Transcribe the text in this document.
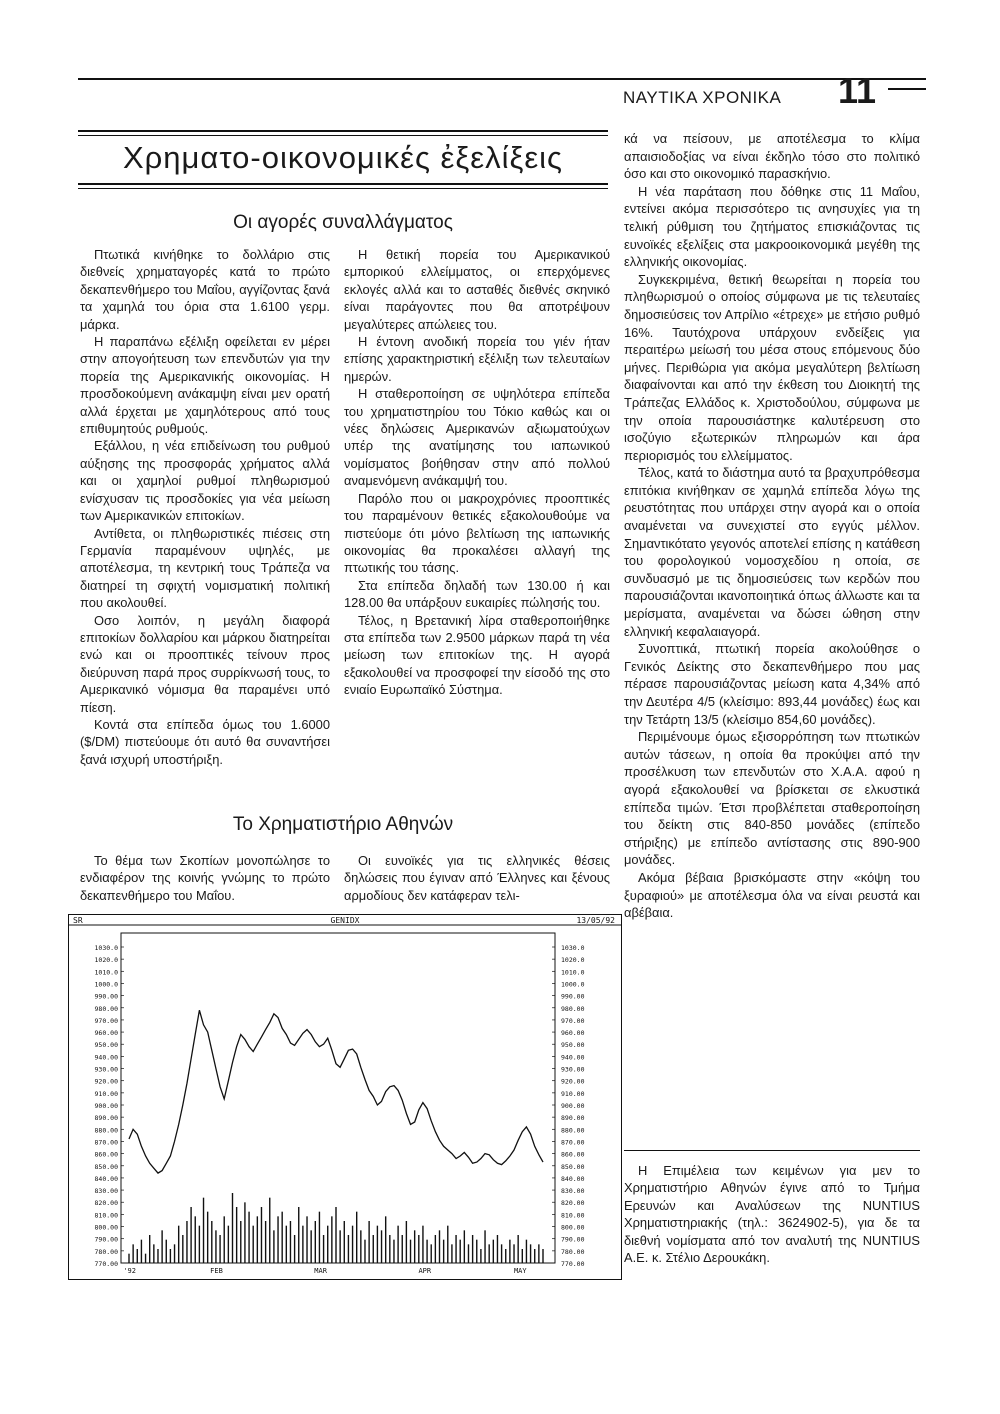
ΝΑΥΤΙΚΑ ΧΡΟΝΙΚΑ 11
Χρηματο-οικονομικές ἐξελίξεις
Οι αγορές συναλλάγματος

Πτωτικά κινήθηκε το δολλάριο στις διεθνείς χρηματαγορές κατά το πρώτο δεκαπενθήμερο του Μαΐου, αγγίζοντας ξανά τα χαμηλά του όρια στα 1.6100 γερμ. μάρκα.

Η παραπάνω εξέλιξη οφείλεται εν μέρει στην απογοήτευση των επενδυτών για την πορεία της Αμερικανικής οικονομίας. Η προσδοκούμενη ανάκαμψη είναι μεν ορατή αλλά έρχεται με χαμηλότερους από τους επιθυμητούς ρυθμούς.

Εξάλλου, η νέα επιδείνωση του ρυθμού αύξησης της προσφοράς χρήματος αλλά και οι χαμηλοί ρυθμοί πληθωρισμού ενίσχυσαν τις προσδοκίες για νέα μείωση των Αμερικανικών επιτοκίων.

Αντίθετα, οι πληθωριστικές πιέσεις στη Γερμανία παραμένουν υψηλές, με αποτέλεσμα, τη κεντρική τους Τράπεζα να διατηρεί τη σφιχτή νομισματική πολιτική που ακολουθεί.

Οσο λοιπόν, η μεγάλη διαφορά επιτοκίων δολλαρίου και μάρκου διατηρείται ενώ και οι προοπτικές τείνουν προς διεύρυνση παρά προς συρρίκνωσή τους, το Αμερικανικό νόμισμα θα παραμένει υπό πίεση.

Κοντά στα επίπεδα όμως του 1.6000 ($/DM) πιστεύουμε ότι αυτό θα συναντήσει ξανά ισχυρή υποστήριξη.

Η θετική πορεία του Αμερικανικού εμπορικού ελλείμματος, οι επερχόμενες εκλογές αλλά και το ασταθές διεθνές σκηνικό είναι παράγοντες που θα αποτρέψουν μεγαλύτερες απώλειες του.

Η έντονη ανοδική πορεία του γιέν ήταν επίσης χαρακτηριστική εξέλιξη των τελευταίων ημερών.

Η σταθεροποίηση σε υψηλότερα επίπεδα του χρηματιστηρίου του Τόκιο καθώς και οι νέες δηλώσεις Αμερικανών αξιωματούχων υπέρ της ανατίμησης του ιαπωνικού νομίσματος βοήθησαν στην από πολλού αναμενόμενη ανάκαμψή του.

Παρόλο που οι μακροχρόνιες προοπτικές του παραμένουν θετικές εξακολουθούμε να πιστεύομε ότι μόνο βελτίωση της ιαπωνικής οικονομίας θα προκαλέσει αλλαγή της πτωτικής του τάσης.

Στα επίπεδα δηλαδή των 130.00 ή και 128.00 θα υπάρξουν ευκαιρίες πώλησής του.

Τέλος, η Βρετανική λίρα σταθεροποιήθηκε στα επίπεδα των 2.9500 μάρκων παρά τη νέα μείωση των επιτοκίων της. Η αγορά εξακολουθεί να προσφοφεί την είσοδό της στο ενιαίο Ευρωπαϊκό Σύστημα.

Το Χρηματιστήριο Αθηνών

Το θέμα των Σκοπίων μονοπώλησε το ενδιαφέρον της κοινής γνώμης το πρώτο δεκαπενθήμερο του Μαΐου.

Οι ευνοϊκές για τις ελληνικές θέσεις δηλώσεις που έγιναν από Έλληνες και ξένους αρμοδίους δεν κατάφεραν τελι-

κά να πείσουν, με αποτέλεσμα το κλίμα απαισιοδοξίας να είναι έκδηλο τόσο στο πολιτικό όσο και στο οικονομικό παρασκήνιο.

Η νέα παράταση που δόθηκε στις 11 Μαΐου, εντείνει ακόμα περισσότερο τις ανησυχίες για τη τελική ρύθμιση του ζητήματος επισκιάζοντας τις ευνοϊκές εξελίξεις στα μακροοικονομικά μεγέθη της ελληνικής οικονομίας.

Συγκεκριμένα, θετική θεωρείται η πορεία του πληθωρισμού ο οποίος σύμφωνα με τις τελευταίες δημοσιεύσεις τον Απρίλιο «έτρεχε» με ετήσιο ρυθμό 16%. Ταυτόχρονα υπάρχουν ενδείξεις για περαιτέρω μείωσή του μέσα στους επόμενους δύο μήνες. Περιθώρια για ακόμα μεγαλύτερη βελτίωση διαφαίνονται και από την έκθεση του Διοικητή της Τράπεζας Ελλάδος κ. Χριστοδούλου, σύμφωνα με την οποία παρουσιάστηκε καλυτέρευση στο ισοζύγιο εξωτερικών πληρωμών και άρα περιορισμός του ελλείμματος.

Τέλος, κατά το διάστημα αυτό τα βραχυπρόθεσμα επιτόκια κινήθηκαν σε χαμηλά επίπεδα λόγω της ρευστότητας που υπάρχει στην αγορά και ο οποία αναμένεται να συνεχιστεί στο εγγύς μέλλον. Σημαντικότατο γεγονός αποτελεί επίσης η κατάθεση του φορολογικού νομοσχεδίου η οποία, σε συνδυασμό με τις δημοσιεύσεις των κερδών που παρουσιάζονται ικανοποιητικά όπως άλλωστε και τα μερίσματα, αναμένεται να δώσει ώθηση στην ελληνική κεφαλαιαγορά.

Συνοπτικά, πτωτική πορεία ακολούθησε ο Γενικός Δείκτης στο δεκαπενθήμερο που μας πέρασε παρουσιάζοντας μείωση κατα 4,34% από την Δευτέρα 4/5 (κλείσιμο: 893,44 μονάδες) έως και την Τετάρτη 13/5 (κλείσιμο 854,60 μονάδες).

Περιμένουμε όμως εξισορρόπηση των πτωτικών αυτών τάσεων, η οποία θα προκύψει από την προσέλκυση των επενδυτών στο Χ.Α.Α. αφού η αγορά εξακολουθεί να βρίσκεται σε ελκυστικά επίπεδα τιμών. Έτσι προβλέπεται σταθεροποίηση του δείκτη στις 840-850 μονάδες (επίπεδο στήριξης) με επίπεδο αντίστασης στις 890-900 μονάδες.

Ακόμα βέβαια βρισκόμαστε στην «κόψη του ξυραφιού» με αποτέλεσμα όλα να είναι ρευστά και αβέβαια.

Η Επιμέλεια των κειμένων για μεν το Χρηματιστήριο Αθηνών έγινε από το Τμήμα Ερευνών και Αναλύσεων της NUNTIUS Χρηματιστηριακής (τηλ.: 3624902-5), για δε τα διεθνή νομίσματα από τον αναλυτή της NUNTIUS Α.Ε. κ. Στέλιο Δερουκάκη.

SR	GENIDX	13/05/92
1030.0	1030.0
1020.0	1020.0
1010.0	1010.0
1000.0	1000.0
990.00	990.00
980.00	980.00
970.00	970.00
960.00	960.00
950.00	950.00
940.00	940.00
930.00	930.00
920.00	920.00
910.00	910.00
900.00	900.00
890.00	890.00
880.00	880.00
870.00	870.00
860.00	860.00
850.00	850.00
840.00	840.00
830.00	830.00
820.00	820.00
810.00	810.00
800.00	800.00
790.00	790.00
780.00	780.00
770.00	770.00
'92	FEB	MAR	APR	MAY
